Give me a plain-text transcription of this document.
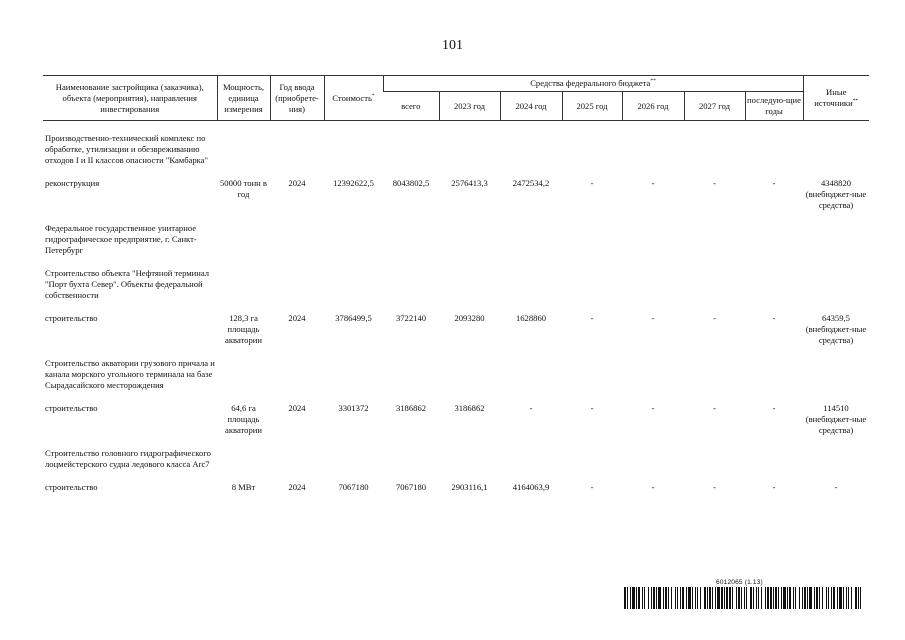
101
Наименование застройщика (заказчика), объекта (мероприятия), направления инвестирования	Мощность, единица измерения	Год ввода (приобрете-ния)	Стоимость*	Средства федерального бюджета**							Иные источники**
				всего	2023 год	2024 год	2025 год	2026 год	2027 год	последую-щие годы	
Производственно-технический комплекс по обработке, утилизации и обезвреживанию отходов I и II классов опасности "Камбарка"											
реконструкция	50000 тонн в год	2024	12392622,5	8043802,5	2576413,3	2472534,2	-	-	-	-	4348820 (внебюджет-ные средства)
Федеральное государственное унитарное гидрографическое предприятие, г. Санкт-Петербург											
Строительство объекта "Нефтяной терминал "Порт бухта Север". Объекты федеральной собственности											
строительство	128,3 га площадь акватории	2024	3786499,5	3722140	2093280	1628860	-	-	-	-	64359,5 (внебюджет-ные средства)
Строительство акватории грузового причала и канала морского угольного терминала на базе Сырадасайского месторождения											
строительство	64,6 га площадь акватории	2024	3301372	3186862	3186862	-	-	-	-	-	114510 (внебюджет-ные средства)
Строительство головного гидрографического лоцмейстерского судна ледового класса Arc7											
строительство	8 МВт	2024	7067180	7067180	2903116,1	4164063,9	-	-	-	-	-
6012065 (1.13)
